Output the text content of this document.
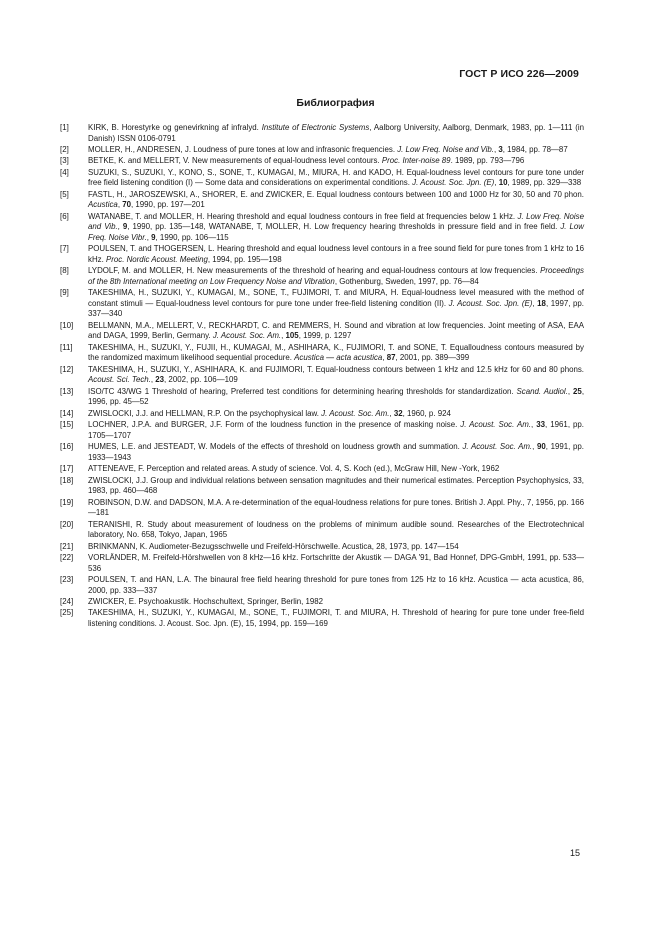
ГОСТ Р ИСО 226—2009
Библиография
[1]	KIRK, B. Horestyrke og genevirkning af infralyd. Institute of Electronic Systems, Aalborg University, Aalborg, Denmark, 1983, pp. 1—111 (in Danish) ISSN 0106-0791
[2]	MOLLER, H., ANDRESEN, J. Loudness of pure tones at low and infrasonic frequencies. J. Low Freq. Noise and Vib., 3, 1984, pp. 78—87
[3]	BETKE, K. and MELLERT, V. New measurements of equal-loudness level contours. Proc. Inter-noise 89. 1989, pp. 793—796
[4]	SUZUKI, S., SUZUKI, Y., KONO, S., SONE, T., KUMAGAI, M., MIURA, H. and KADO, H. Equal-loudness level contours for pure tone under free field listening condition (I) — Some data and considerations on experimental conditions. J. Acoust. Soc. Jpn. (E), 10, 1989, pp. 329—338
[5]	FASTL, H., JAROSZEWSKI, A., SHORER, E. and ZWICKER, E. Equal loudness contours between 100 and 1000 Hz for 30, 50 and 70 phon. Acustica, 70, 1990, pp. 197—201
[6]	WATANABE, T. and MOLLER, H. Hearing threshold and equal loudness contours in free field at frequencies below 1 kHz. J. Low Freq. Noise and Vib., 9, 1990, pp. 135—148, WATANABE, T, MOLLER, H. Low frequency hearing thresholds in pressure field and in free field. J. Low Freq. Noise Vibr., 9, 1990, pp. 106—115
[7]	POULSEN, T. and THOGERSEN, L. Hearing threshold and equal loudness level contours in a free sound field for pure tones from 1 kHz to 16 kHz. Proc. Nordic Acoust. Meeting, 1994, pp. 195—198
[8]	LYDOLF, M. and MOLLER, H. New measurements of the threshold of hearing and equal-loudness contours at low frequencies. Proceedings of the 8th International meeting on Low Frequency Noise and Vibration, Gothenburg, Sweden, 1997, pp. 76—84
[9]	TAKESHIMA, H., SUZUKI, Y., KUMAGAI, M., SONE, T., FUJIMORI, T. and MIURA, H. Equal-loudness level measured with the method of constant stimuli — Equal-loudness level contours for pure tone under free-field listening condition (II). J. Acoust. Soc. Jpn. (E), 18, 1997, pp. 337—340
[10]	BELLMANN, M.A., MELLERT, V., RECKHARDT, C. and REMMERS, H. Sound and vibration at low frequencies. Joint meeting of ASA, EAA and DAGA, 1999, Berlin, Germany. J. Acoust. Soc. Am., 105, 1999, p. 1297
[11]	TAKESHIMA, H., SUZUKI, Y., FUJII, H., KUMAGAI, M., ASHIHARA, K., FUJIMORI, T. and SONE, T. Equalloudness contours measured by the randomized maximum likelihood sequential procedure. Acustica — acta acustica, 87, 2001, pp. 389—399
[12]	TAKESHIMA, H., SUZUKI, Y., ASHIHARA, K. and FUJIMORI, T. Equal-loudness contours between 1 kHz and 12.5 kHz for 60 and 80 phons. Acoust. Sci. Tech., 23, 2002, pp. 106—109
[13]	ISO/TC 43/WG 1 Threshold of hearing, Preferred test conditions for determining hearing thresholds for standardization. Scand. Audiol., 25, 1996, pp. 45—52
[14]	ZWISLOCKI, J.J. and HELLMAN, R.P. On the psychophysical law. J. Acoust. Soc. Am., 32, 1960, p. 924
[15]	LOCHNER, J.P.A. and BURGER, J.F. Form of the loudness function in the presence of masking noise. J. Acoust. Soc. Am., 33, 1961, pp. 1705—1707
[16]	HUMES, L.E. and JESTEADT, W. Models of the effects of threshold on loudness growth and summation. J. Acoust. Soc. Am., 90, 1991, pp. 1933—1943
[17]	ATTENEAVE, F. Perception and related areas. A study of science. Vol. 4, S. Koch (ed.), McGraw Hill, New -York, 1962
[18]	ZWISLOCKI, J.J. Group and individual relations between sensation magnitudes and their numerical estimates. Perception Psychophysics, 33, 1983, pp. 460—468
[19]	ROBINSON, D.W. and DADSON, M.A. A re-determination of the equal-loudness relations for pure tones. British J. Appl. Phy., 7, 1956, pp. 166—181
[20]	TERANISHI, R. Study about measurement of loudness on the problems of minimum audible sound. Researches of the Electrotechnical laboratory, No. 658, Tokyo, Japan, 1965
[21]	BRINKMANN, K. Audiometer-Bezugsschwelle und Freifeld-Hörschwelle. Acustica, 28, 1973, pp. 147—154
[22]	VORLÄNDER, M. Freifeld-Hörshwellen von 8 kHz—16 kHz. Fortschritte der Akustik — DAGA '91, Bad Honnef, DPG-GmbH, 1991, pp. 533—536
[23]	POULSEN, T. and HAN, L.A. The binaural free field hearing threshold for pure tones from 125 Hz to 16 kHz. Acustica — acta acustica, 86, 2000, pp. 333—337
[24]	ZWICKER, E. Psychoakustik. Hochschultext, Springer, Berlin, 1982
[25]	TAKESHIMA, H., SUZUKI, Y., KUMAGAI, M., SONE, T., FUJIMORI, T. and MIURA, H. Threshold of hearing for pure tone under free-field listening conditions. J. Acoust. Soc. Jpn. (E), 15, 1994, pp. 159—169
15
